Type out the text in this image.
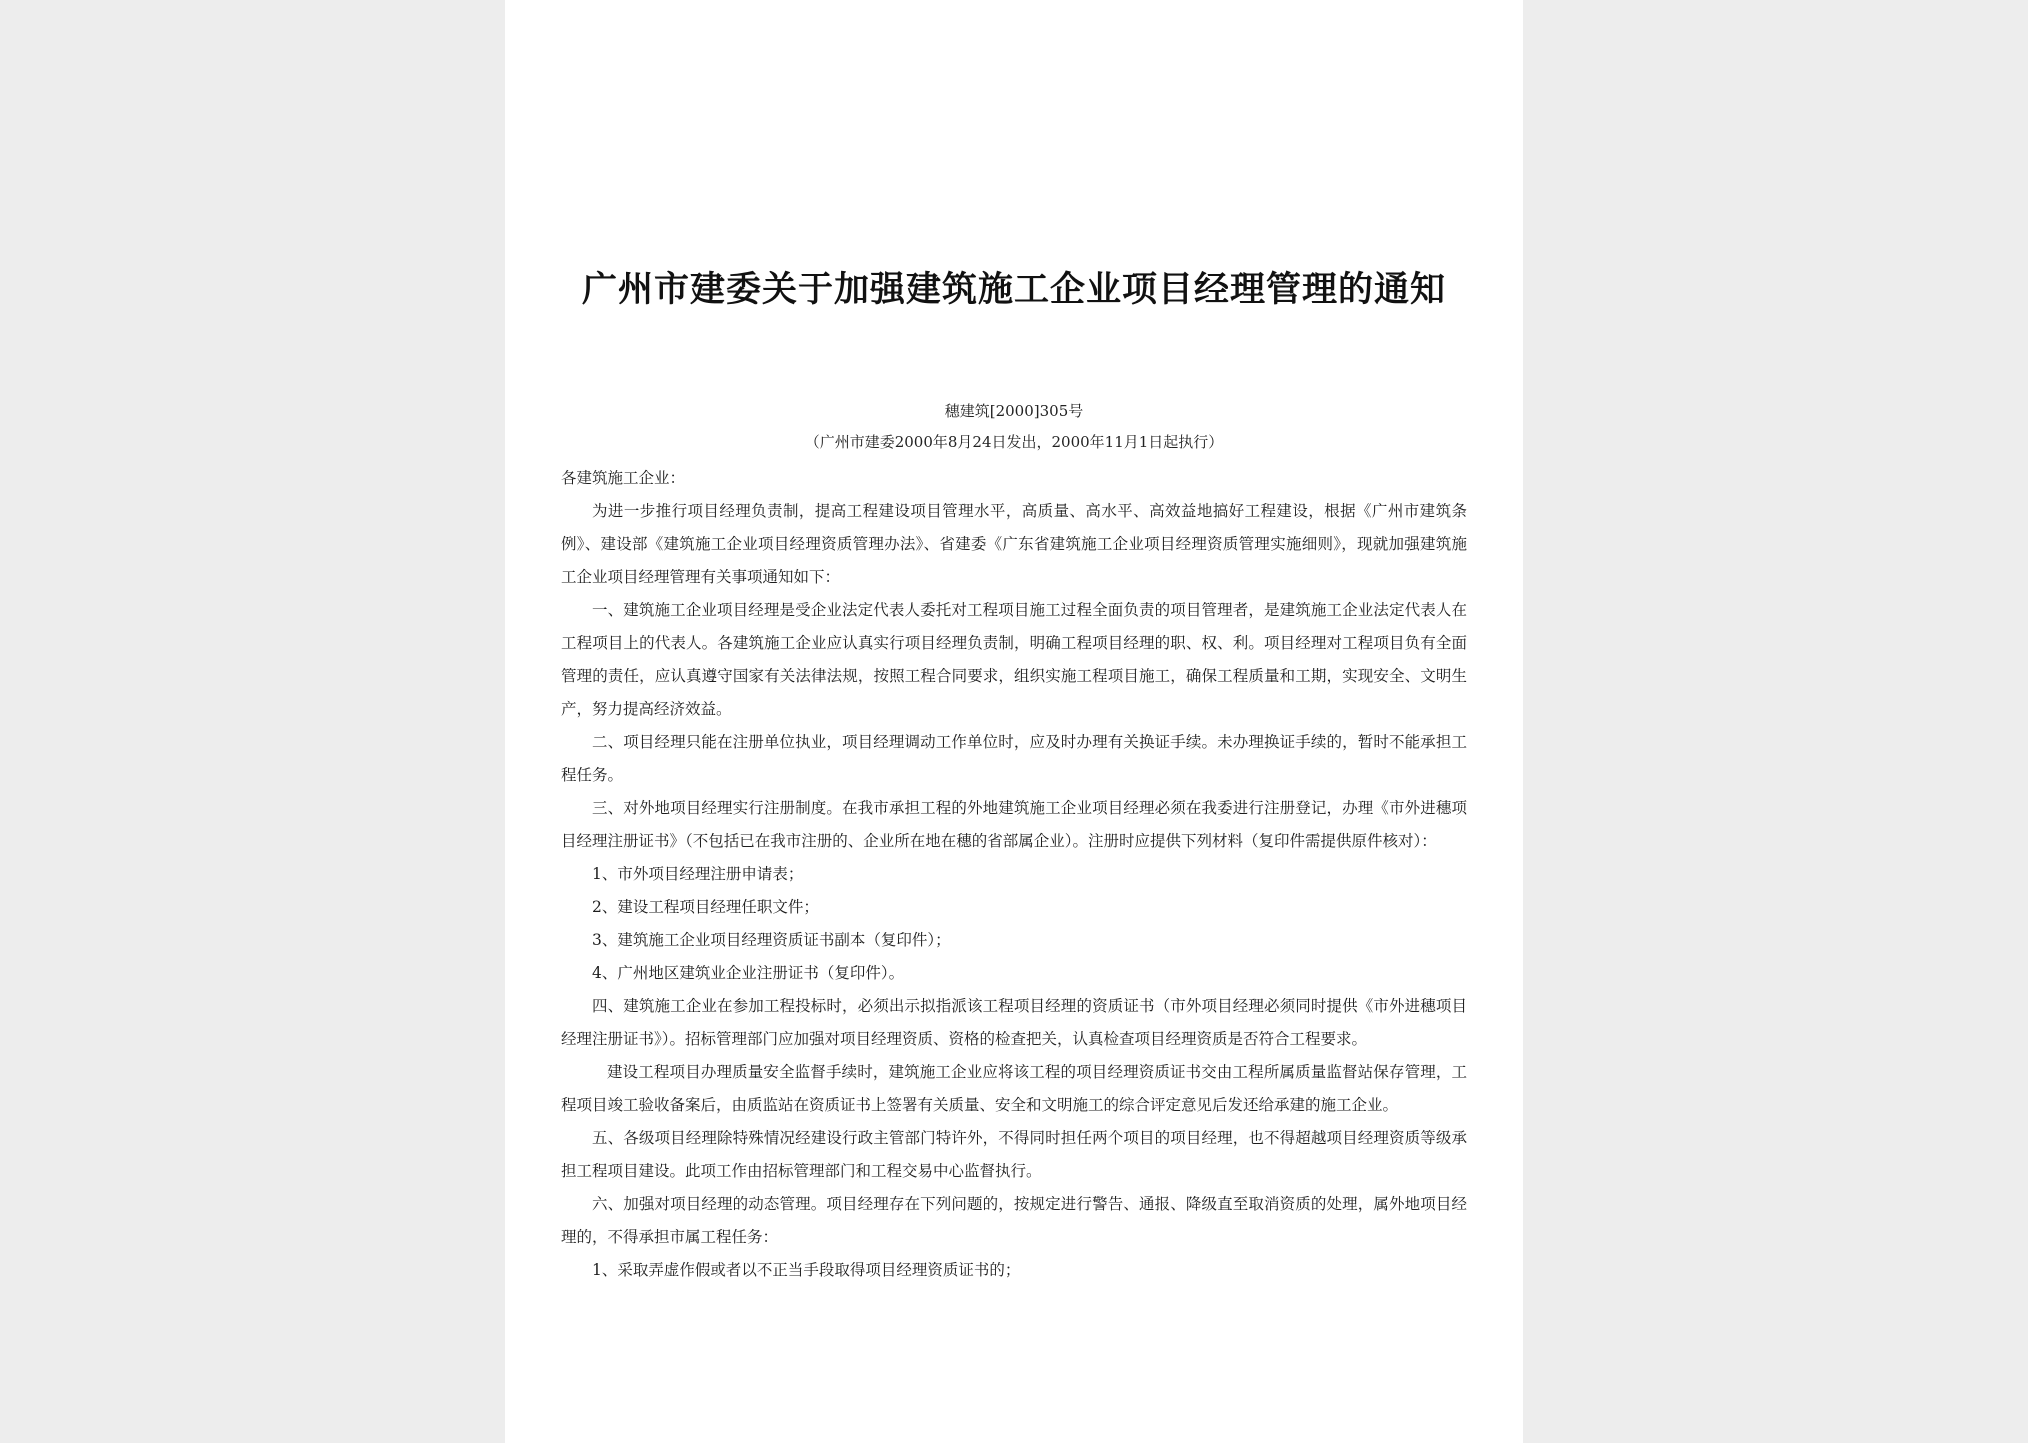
广州市建委关于加强建筑施工企业项目经理管理的通知
穗建筑[2000]305号
（广州市建委2000年8月24日发出，2000年11月1日起执行）

各建筑施工企业：

为进一步推行项目经理负责制，提高工程建设项目管理水平，高质量、高水平、高效益地搞好工程建设，根据《广州市建筑条例》、建设部《建筑施工企业项目经理资质管理办法》、省建委《广东省建筑施工企业项目经理资质管理实施细则》，现就加强建筑施工企业项目经理管理有关事项通知如下：

一、建筑施工企业项目经理是受企业法定代表人委托对工程项目施工过程全面负责的项目管理者，是建筑施工企业法定代表人在工程项目上的代表人。各建筑施工企业应认真实行项目经理负责制，明确工程项目经理的职、权、利。项目经理对工程项目负有全面管理的责任，应认真遵守国家有关法律法规，按照工程合同要求，组织实施工程项目施工，确保工程质量和工期，实现安全、文明生产，努力提高经济效益。

二、项目经理只能在注册单位执业，项目经理调动工作单位时，应及时办理有关换证手续。未办理换证手续的，暂时不能承担工程任务。

三、对外地项目经理实行注册制度。在我市承担工程的外地建筑施工企业项目经理必须在我委进行注册登记，办理《市外进穗项目经理注册证书》（不包括已在我市注册的、企业所在地在穗的省部属企业）。注册时应提供下列材料（复印件需提供原件核对）：

1、市外项目经理注册申请表；

2、建设工程项目经理任职文件；

3、建筑施工企业项目经理资质证书副本（复印件）；

4、广州地区建筑业企业注册证书（复印件）。

四、建筑施工企业在参加工程投标时，必须出示拟指派该工程项目经理的资质证书（市外项目经理必须同时提供《市外进穗项目经理注册证书》）。招标管理部门应加强对项目经理资质、资格的检查把关，认真检查项目经理资质是否符合工程要求。

建设工程项目办理质量安全监督手续时，建筑施工企业应将该工程的项目经理资质证书交由工程所属质量监督站保存管理，工程项目竣工验收备案后，由质监站在资质证书上签署有关质量、安全和文明施工的综合评定意见后发还给承建的施工企业。

五、各级项目经理除特殊情况经建设行政主管部门特许外，不得同时担任两个项目的项目经理，也不得超越项目经理资质等级承担工程项目建设。此项工作由招标管理部门和工程交易中心监督执行。

六、加强对项目经理的动态管理。项目经理存在下列问题的，按规定进行警告、通报、降级直至取消资质的处理，属外地项目经理的，不得承担市属工程任务：

1、采取弄虚作假或者以不正当手段取得项目经理资质证书的；
